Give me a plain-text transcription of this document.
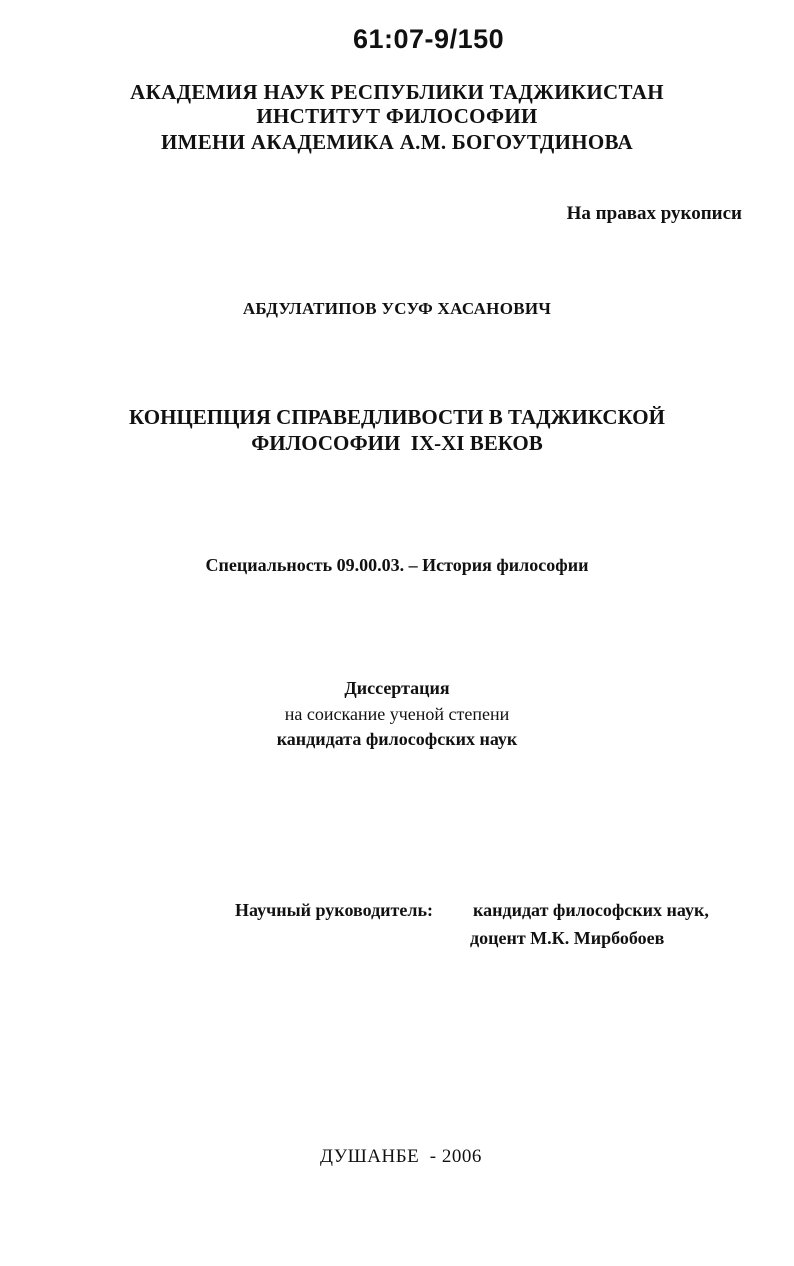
61:07-9/150
АКАДЕМИЯ НАУК РЕСПУБЛИКИ ТАДЖИКИСТАН
ИНСТИТУТ ФИЛОСОФИИ
ИМЕНИ АКАДЕМИКА А.М. БОГОУТДИНОВА
На правах рукописи
АБДУЛАТИПОВ УСУФ ХАСАНОВИЧ
КОНЦЕПЦИЯ СПРАВЕДЛИВОСТИ В ТАДЖИКСКОЙ
ФИЛОСОФИИ  IX-XI ВЕКОВ
Специальность 09.00.03. – История философии
Диссертация
на соискание ученой степени
кандидата философских наук
Научный руководитель: кандидат философских наук,
доцент М.К. Мирбобоев
ДУШАНБЕ  - 2006
